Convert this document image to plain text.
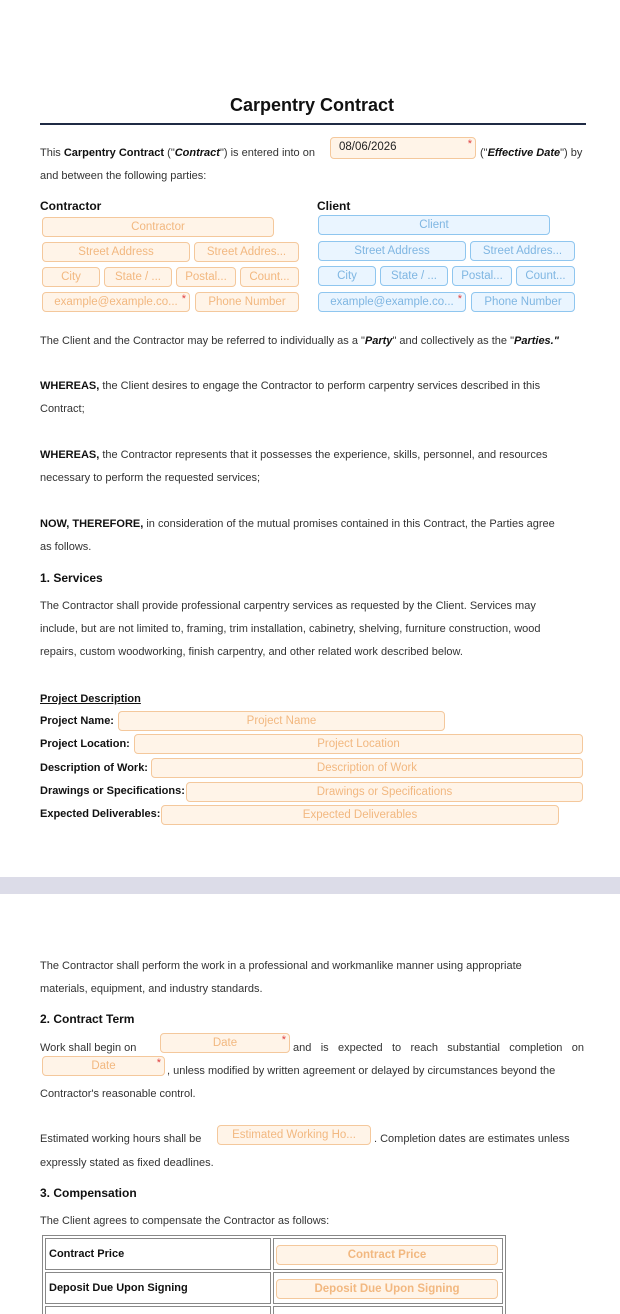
Carpentry Contract
This Carpentry Contract ("Contract") is entered into on	08/06/2026 *	("Effective Date") by
and between the following parties:
Contractor
Contractor
Street Address	Street Addres...
City	State / ...	Postal...	Count...
example@example.co... *	Phone Number
Client
Client
Street Address	Street Addres...
City	State / ...	Postal...	Count...
example@example.co... *	Phone Number
The Client and the Contractor may be referred to individually as a "Party" and collectively as the "Parties."
WHEREAS, the Client desires to engage the Contractor to perform carpentry services described in this
Contract;
WHEREAS, the Contractor represents that it possesses the experience, skills, personnel, and resources
necessary to perform the requested services;
NOW, THEREFORE, in consideration of the mutual promises contained in this Contract, the Parties agree
as follows.
1. Services
The Contractor shall provide professional carpentry services as requested by the Client. Services may
include, but are not limited to, framing, trim installation, cabinetry, shelving, furniture construction, wood
repairs, custom woodworking, finish carpentry, and other related work described below.
Project Description
Project Name:	Project Name
Project Location:	Project Location
Description of Work:	Description of Work
Drawings or Specifications:	Drawings or Specifications
Expected Deliverables:	Expected Deliverables
The Contractor shall perform the work in a professional and workmanlike manner using appropriate
materials, equipment, and industry standards.
2. Contract Term
Work shall begin on	Date *	and is expected to reach substantial completion on
Date *	, unless modified by written agreement or delayed by circumstances beyond the
Contractor's reasonable control.
Estimated working hours shall be	Estimated Working Ho...	. Completion dates are estimates unless
expressly stated as fixed deadlines.
3. Compensation
The Client agrees to compensate the Contractor as follows:
Contract Price	Contract Price

Deposit Due Upon Signing	Deposit Due Upon Signing
